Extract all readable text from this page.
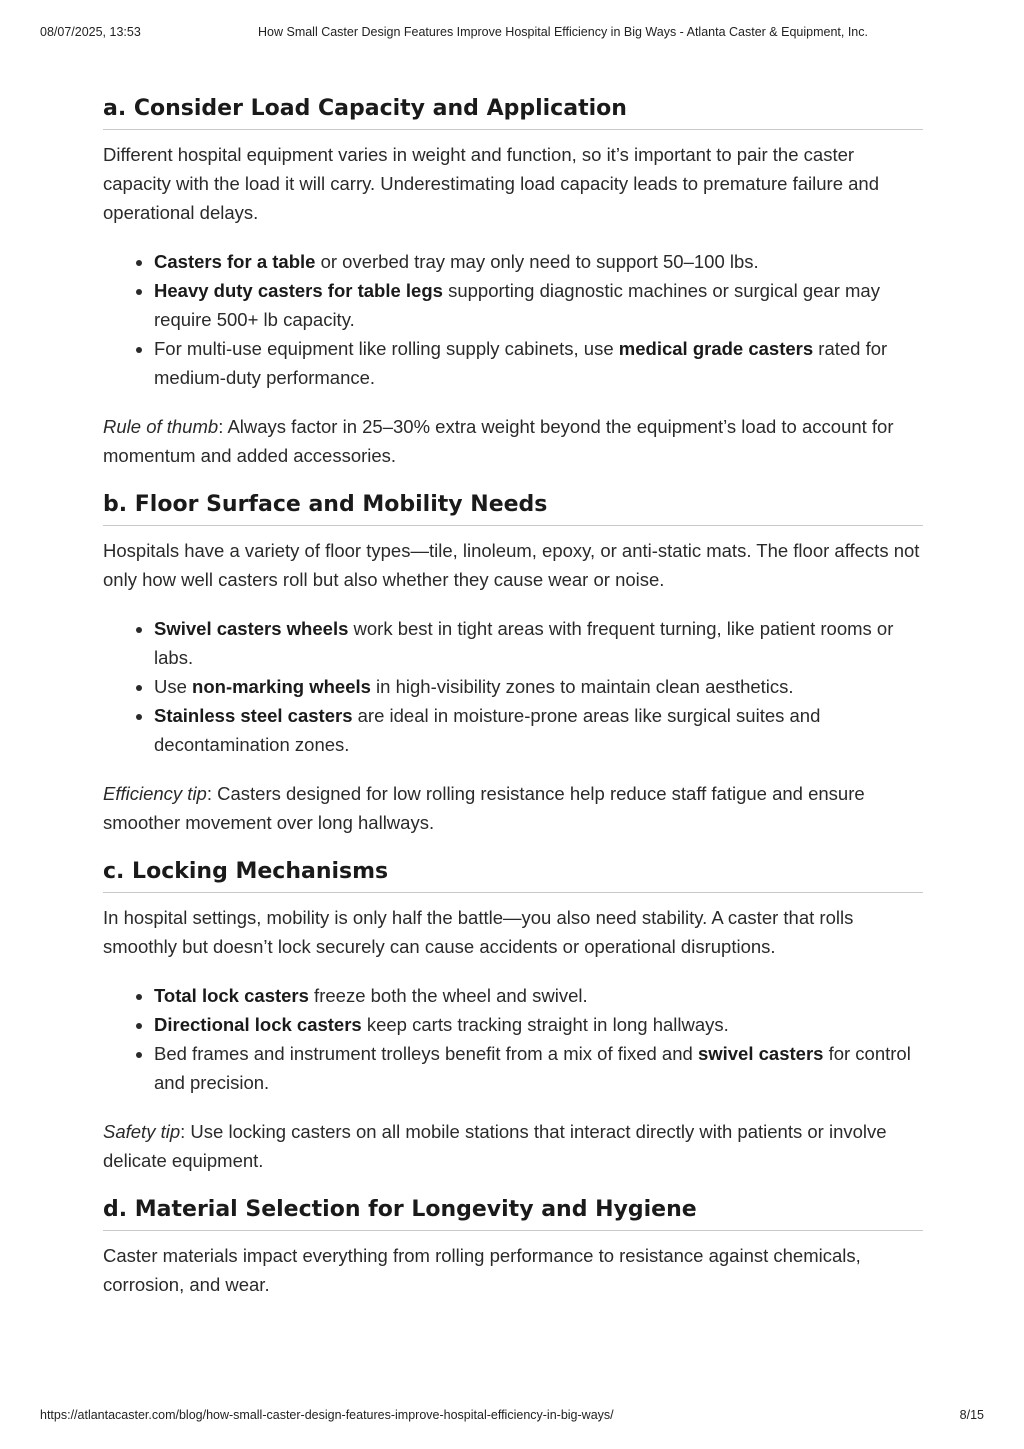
08/07/2025, 13:53	How Small Caster Design Features Improve Hospital Efficiency in Big Ways - Atlanta Caster & Equipment, Inc.
a. Consider Load Capacity and Application

Different hospital equipment varies in weight and function, so it’s important to pair the caster capacity with the load it will carry. Underestimating load capacity leads to premature failure and operational delays.

• Casters for a table or overbed tray may only need to support 50–100 lbs.
• Heavy duty casters for table legs supporting diagnostic machines or surgical gear may require 500+ lb capacity.
• For multi-use equipment like rolling supply cabinets, use medical grade casters rated for medium-duty performance.

Rule of thumb: Always factor in 25–30% extra weight beyond the equipment’s load to account for momentum and added accessories.

b. Floor Surface and Mobility Needs

Hospitals have a variety of floor types—tile, linoleum, epoxy, or anti-static mats. The floor affects not only how well casters roll but also whether they cause wear or noise.

• Swivel casters wheels work best in tight areas with frequent turning, like patient rooms or labs.
• Use non-marking wheels in high-visibility zones to maintain clean aesthetics.
• Stainless steel casters are ideal in moisture-prone areas like surgical suites and decontamination zones.

Efficiency tip: Casters designed for low rolling resistance help reduce staff fatigue and ensure smoother movement over long hallways.

c. Locking Mechanisms

In hospital settings, mobility is only half the battle—you also need stability. A caster that rolls smoothly but doesn’t lock securely can cause accidents or operational disruptions.

• Total lock casters freeze both the wheel and swivel.
• Directional lock casters keep carts tracking straight in long hallways.
• Bed frames and instrument trolleys benefit from a mix of fixed and swivel casters for control and precision.

Safety tip: Use locking casters on all mobile stations that interact directly with patients or involve delicate equipment.

d. Material Selection for Longevity and Hygiene

Caster materials impact everything from rolling performance to resistance against chemicals, corrosion, and wear.

https://atlantacaster.com/blog/how-small-caster-design-features-improve-hospital-efficiency-in-big-ways/	8/15
